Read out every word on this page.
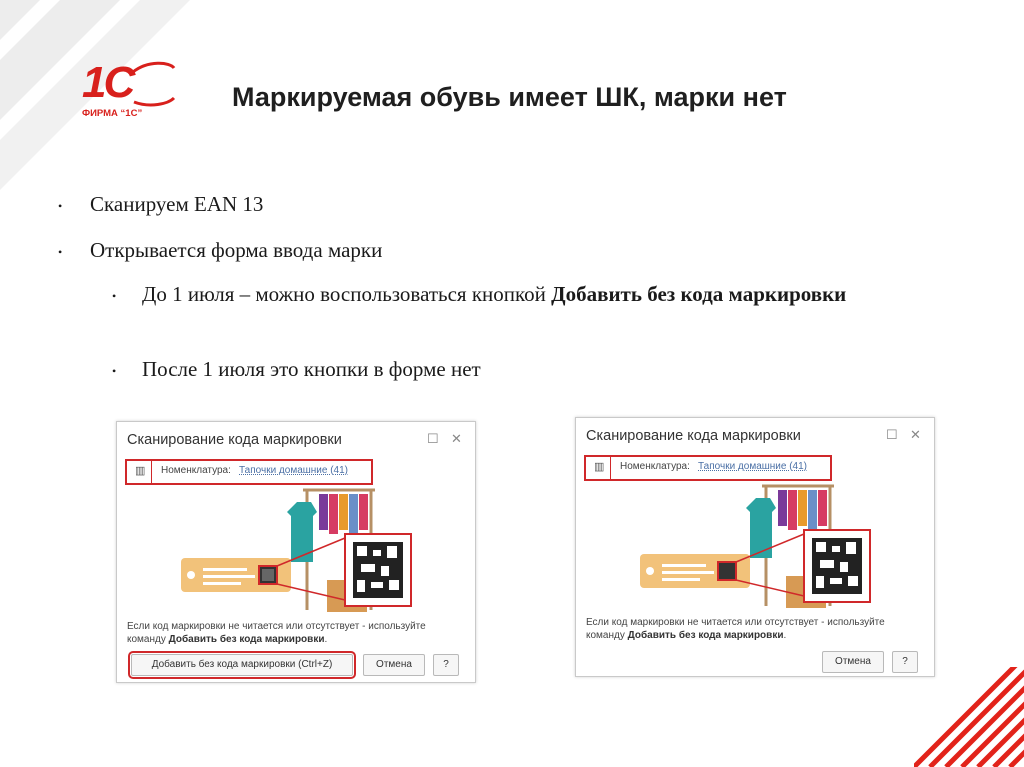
1С
ФИРМА “1С”
Маркируемая обувь имеет ШК, марки нет
• Сканируем EAN 13
• Открывается форма ввода марки
• До 1 июля – можно воспользоваться кнопкой Добавить без кода маркировки
• После 1 июля это кнопки в форме нет
Сканирование кода маркировки	☐ ✕
▥ Номенклатура: Тапочки домашние (41)
Если код маркировки не читается или отсутствует - используйте команду Добавить без кода маркировки.
Добавить без кода маркировки (Ctrl+Z)	Отмена	?
Сканирование кода маркировки	☐ ✕
▥ Номенклатура: Тапочки домашние (41)
Если код маркировки не читается или отсутствует - используйте команду Добавить без кода маркировки.
Отмена	?
